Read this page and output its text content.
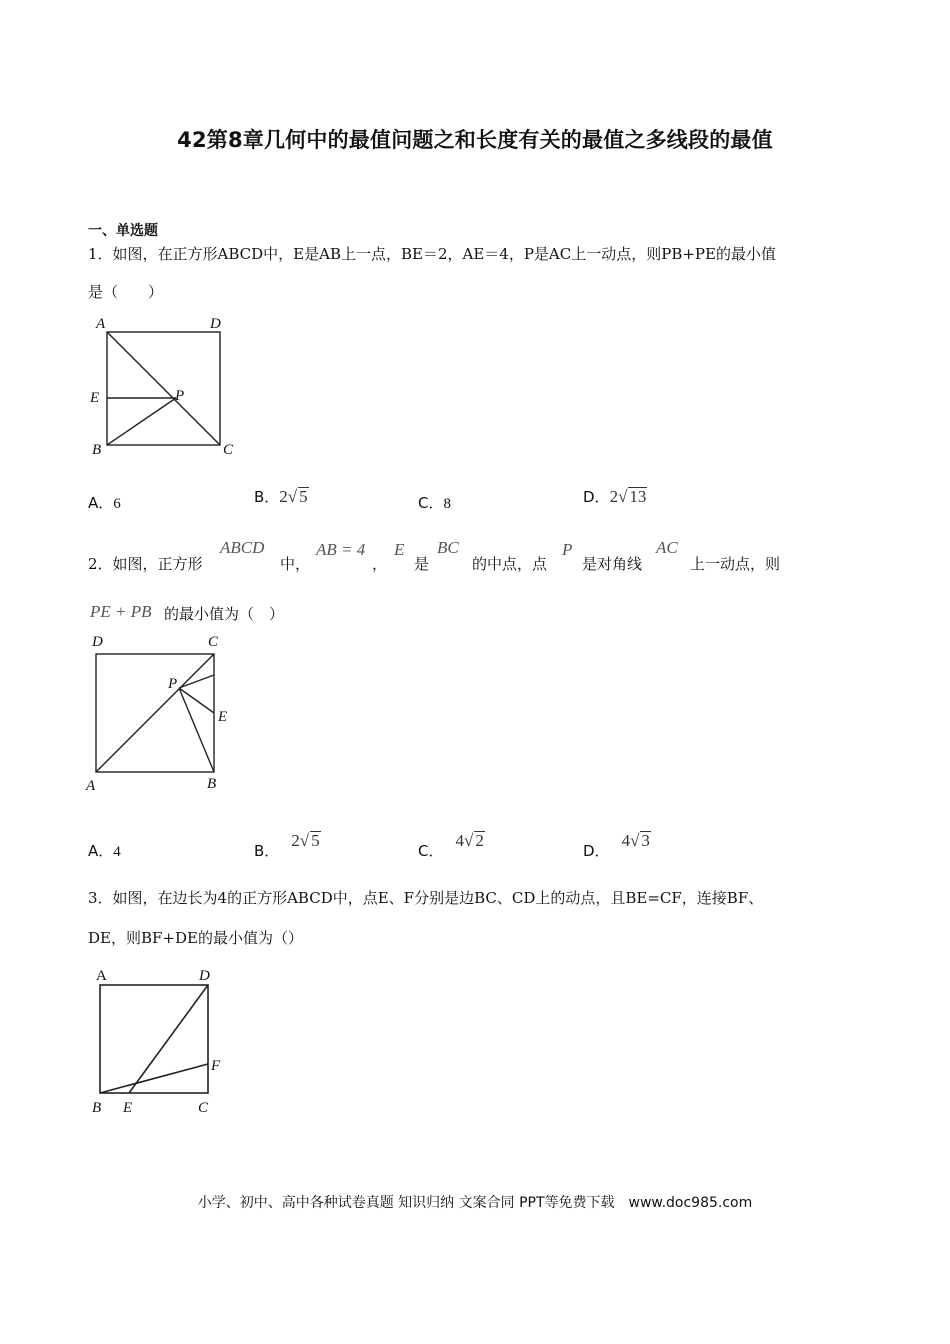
42第8章几何中的最值问题之和长度有关的最值之多线段的最值
一、单选题
1．如图，在正方形ABCD中，E是AB上一点，BE＝2，AE＝4，P是AC上一动点，则PB+PE的最小值
是（　　）
A	D
E	P
B	C
A．6	B．2√ 5	C．8	D．2√ 13
2．如图，正方形
ABCD
中，
AB = 4
，
E
是
BC
的中点，点
P
是对角线
AC
上一动点，则
PE + PB 的最小值为（　）
D	C
P
E
A	B
A．4	B．2√ 5
C．4√ 2
D．4√ 3
3．如图，在边长为4的正方形ABCD中，点E、F分别是边BC、CD上的动点，且BE=CF，连接BF、
DE，则BF+DE的最小值为（）
A	D
F
B E	C
小学、初中、高中各种试卷真题 知识归纳 文案合同 PPT等免费下载　www.doc985.com
